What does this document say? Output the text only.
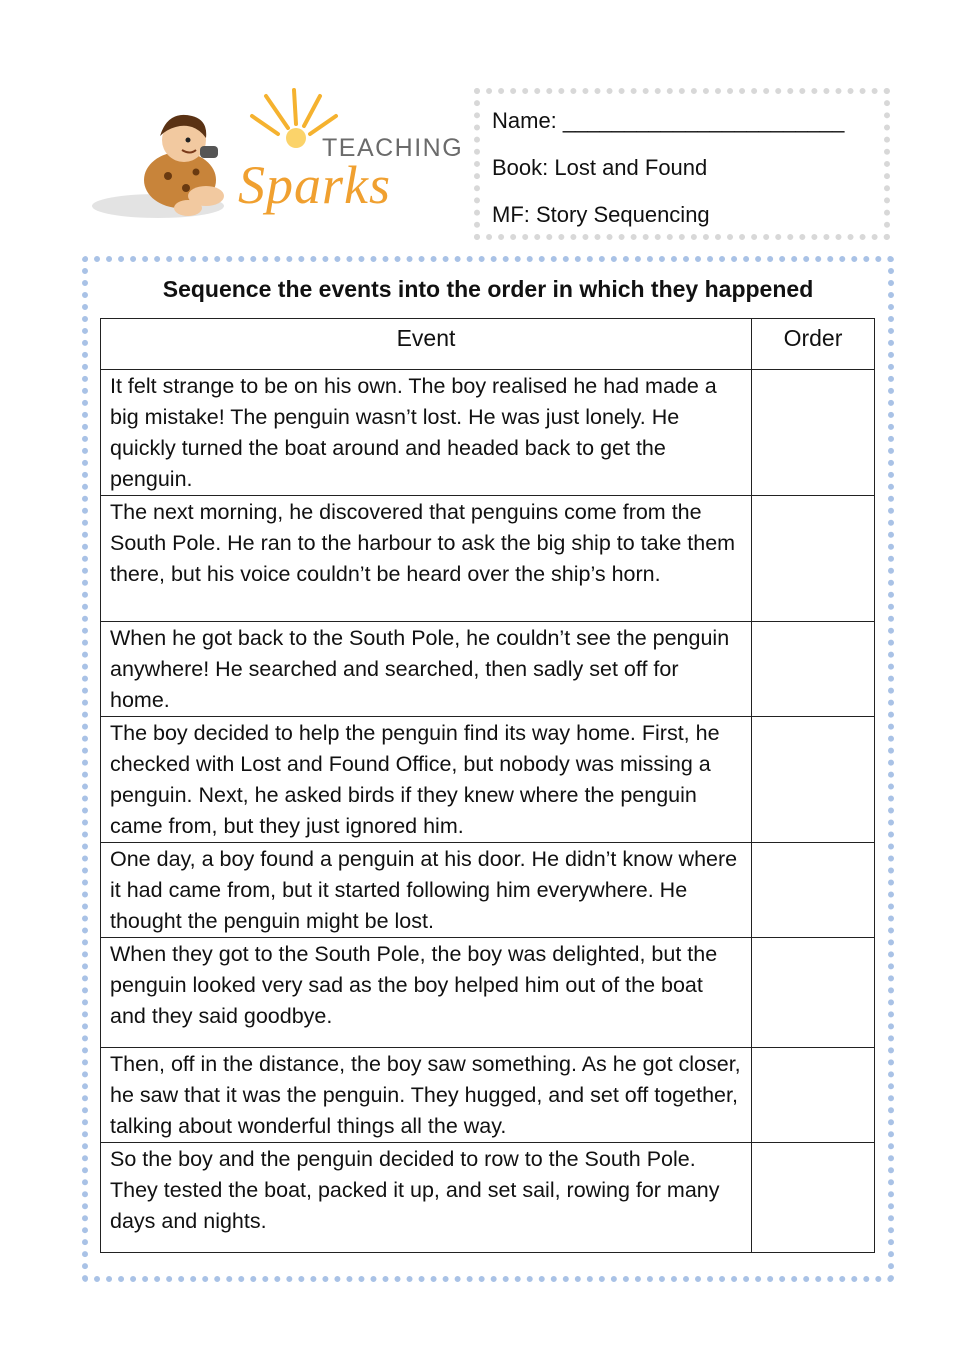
TEACHING
Sparks
Name: _______________________
Book: Lost and Found
MF: Story Sequencing
Sequence the events into the order in which they happened
Event	Order
It felt strange to be on his own. The boy realised he had made a big mistake! The penguin wasn’t lost. He was just lonely. He quickly turned the boat around and headed back to get the penguin.	
The next morning, he discovered that penguins come from the South Pole. He ran to the harbour to ask the big ship to take them there, but his voice couldn’t be heard over the ship’s horn.	
When he got back to the South Pole, he couldn’t see the penguin anywhere! He searched and searched, then sadly set off for home.	
The boy decided to help the penguin find its way home. First, he checked with Lost and Found Office, but nobody was missing a penguin. Next, he asked birds if they knew where the penguin came from, but they just ignored him.	
One day, a boy found a penguin at his door. He didn’t know where it had came from, but it started following him everywhere. He thought the penguin might be lost.	
When they got to the South Pole, the boy was delighted, but the penguin looked very sad as the boy helped him out of the boat and they said goodbye.	
Then, off in the distance, the boy saw something. As he got closer, he saw that it was the penguin. They hugged, and set off together, talking about wonderful things all the way.	
So the boy and the penguin decided to row to the South Pole. They tested the boat, packed it up, and set sail, rowing for many days and nights.	
